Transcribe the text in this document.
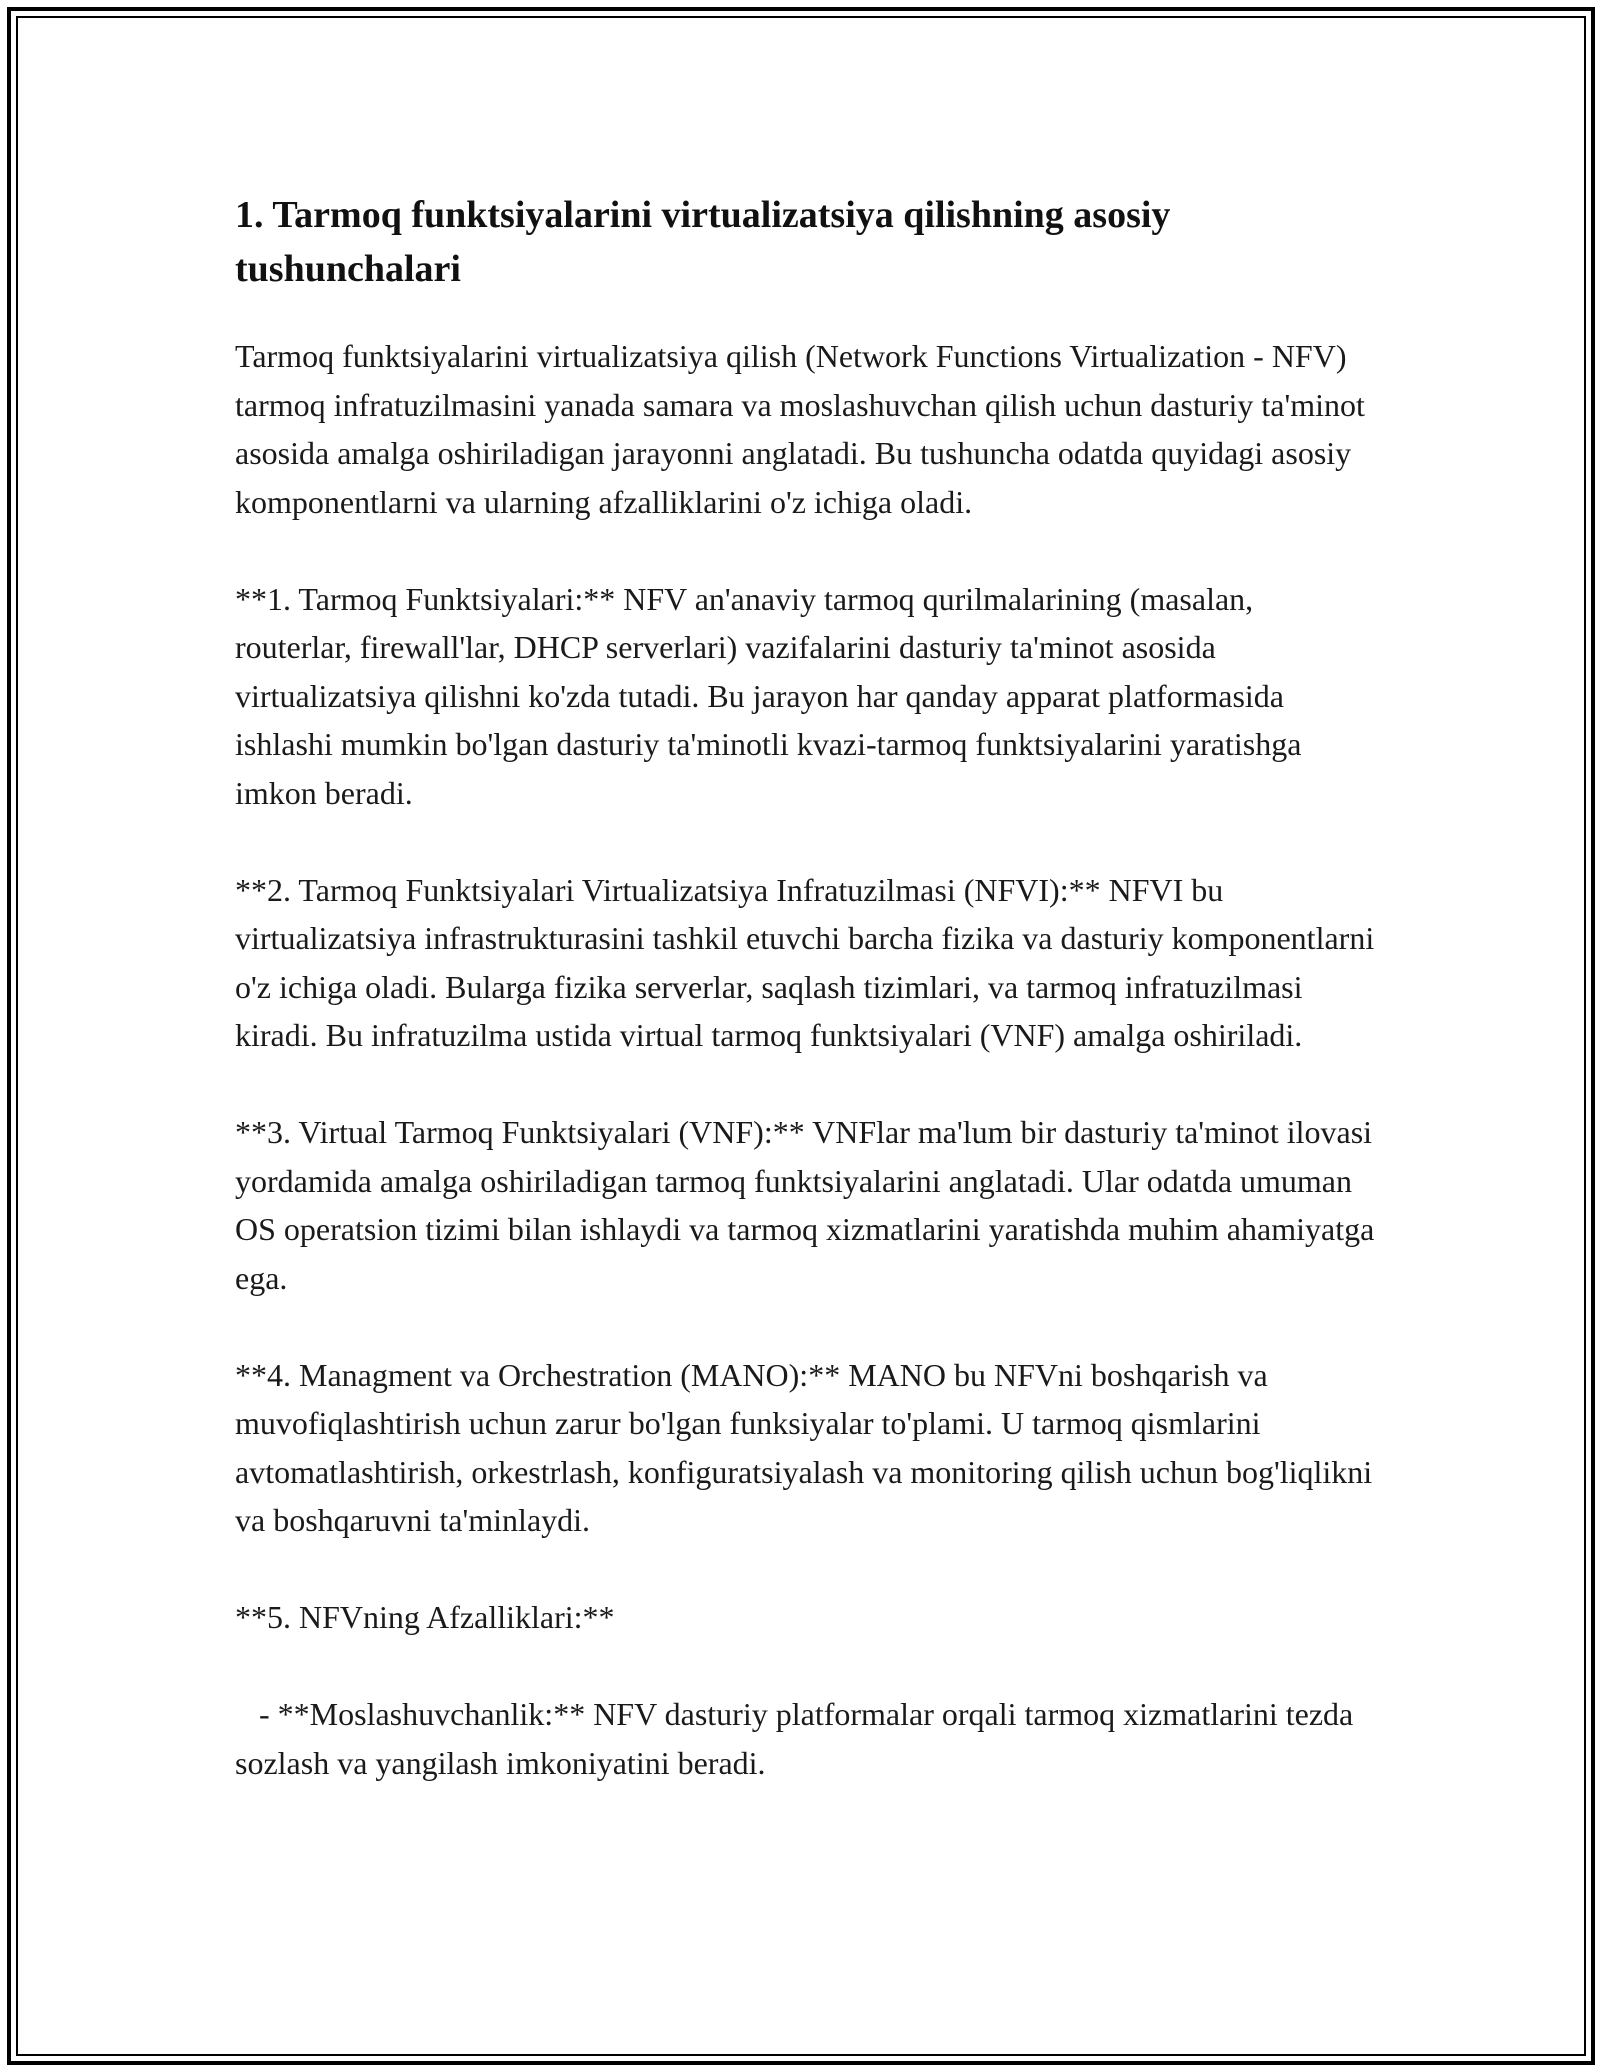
1. Tarmoq funktsiyalarini virtualizatsiya qilishning asosiy tushunchalari

Tarmoq funktsiyalarini virtualizatsiya qilish (Network Functions Virtualization - NFV) tarmoq infratuzilmasini yanada samara va moslashuvchan qilish uchun dasturiy ta'minot asosida amalga oshiriladigan jarayonni anglatadi. Bu tushuncha odatda quyidagi asosiy komponentlarni va ularning afzalliklarini o'z ichiga oladi.

**1. Tarmoq Funktsiyalari:** NFV an'anaviy tarmoq qurilmalarining (masalan, routerlar, firewall'lar, DHCP serverlari) vazifalarini dasturiy ta'minot asosida virtualizatsiya qilishni ko'zda tutadi. Bu jarayon har qanday apparat platformasida ishlashi mumkin bo'lgan dasturiy ta'minotli kvazi-tarmoq funktsiyalarini yaratishga imkon beradi.

**2. Tarmoq Funktsiyalari Virtualizatsiya Infratuzilmasi (NFVI):** NFVI bu virtualizatsiya infrastrukturasini tashkil etuvchi barcha fizika va dasturiy komponentlarni o'z ichiga oladi. Bularga fizika serverlar, saqlash tizimlari, va tarmoq infratuzilmasi kiradi. Bu infratuzilma ustida virtual tarmoq funktsiyalari (VNF) amalga oshiriladi.

**3. Virtual Tarmoq Funktsiyalari (VNF):** VNFlar ma'lum bir dasturiy ta'minot ilovasi yordamida amalga oshiriladigan tarmoq funktsiyalarini anglatadi. Ular odatda umuman OS operatsion tizimi bilan ishlaydi va tarmoq xizmatlarini yaratishda muhim ahamiyatga ega.

**4. Managment va Orchestration (MANO):** MANO bu NFVni boshqarish va muvofiqlashtirish uchun zarur bo'lgan funksiyalar to'plami. U tarmoq qismlarini avtomatlashtirish, orkestrlash, konfiguratsiyalash va monitoring qilish uchun bog'liqlikni va boshqaruvni ta'minlaydi.

**5. NFVning Afzalliklari:**

- **Moslashuvchanlik:** NFV dasturiy platformalar orqali tarmoq xizmatlarini tezda sozlash va yangilash imkoniyatini beradi.
